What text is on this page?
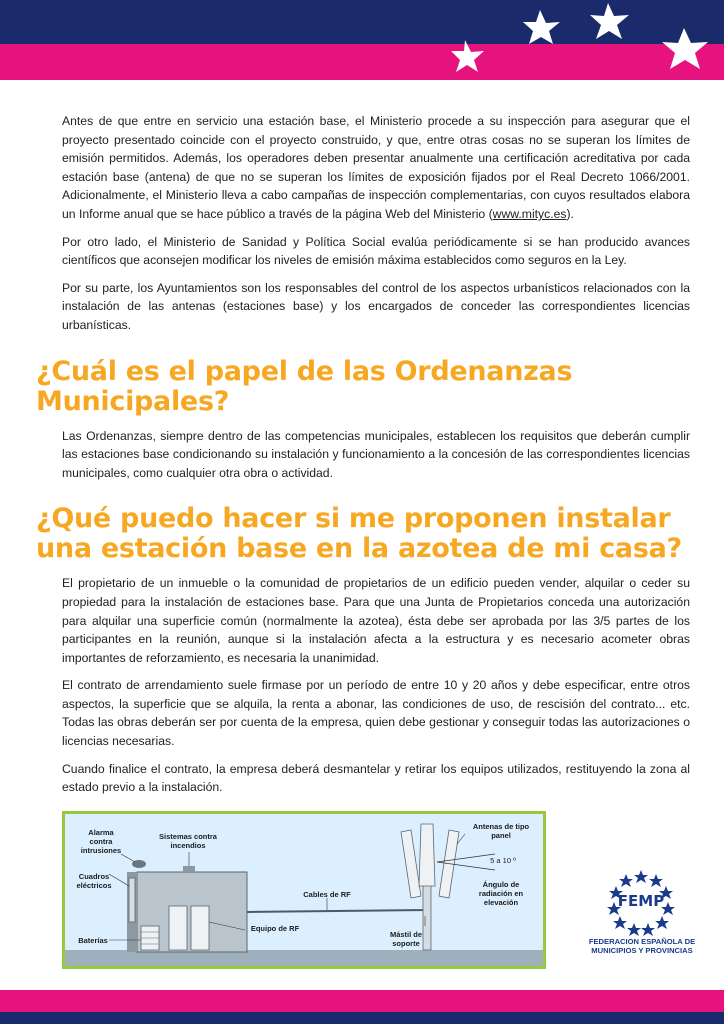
Antes de que entre en servicio una estación base, el Ministerio procede a su inspección para asegurar que el proyecto presentado coincide con el proyecto construido, y que, entre otras cosas no se superan los límites de emisión permitidos. Además, los operadores deben presentar anualmente una certificación acreditativa por cada estación base (antena) de que no se superan los límites de exposición fijados por el Real Decreto 1066/2001. Adicionalmente, el Ministerio lleva a cabo campañas de inspección complementarias, con cuyos resultados elabora un Informe anual que se hace público a través de la página Web del Ministerio (www.mityc.es).

Por otro lado, el Ministerio de Sanidad y Política Social evalúa periódicamente si se han producido avances científicos que aconsejen modificar los niveles de emisión máxima establecidos como seguros en la Ley.

Por su parte, los Ayuntamientos son los responsables del control de los aspectos urbanísticos relacionados con la instalación de las antenas (estaciones base) y los encargados de conceder las correspondientes licencias urbanísticas.

¿Cuál es el papel de las Ordenanzas Municipales?

Las Ordenanzas, siempre dentro de las competencias municipales, establecen los requisitos que deberán cumplir las estaciones base condicionando su instalación y funcionamiento a la concesión de las correspondientes licencias municipales, como cualquier otra obra o actividad.

¿Qué puedo hacer si me proponen instalar una estación base en la azotea de mi casa?

El propietario de un inmueble o la comunidad de propietarios de un edificio pueden vender, alquilar o ceder su propiedad para la instalación de estaciones base. Para que una Junta de Propietarios conceda una autorización para alquilar una superficie común (normalmente la azotea), ésta debe ser aprobada por las 3/5 partes de los participantes en la reunión, aunque si la instalación afecta a la estructura y es necesario acometer obras importantes de reforzamiento, es necesaria la unanimidad.

El contrato de arrendamiento suele firmase por un período de entre 10 y 20 años y debe especificar, entre otros aspectos, la superficie que se alquila, la renta a abonar, las condiciones de uso, de rescisión del contrato... etc. Todas las obras deberán ser por cuenta de la empresa, quien debe gestionar y conseguir todas las autorizaciones o licencias necesarias.

Cuando finalice el contrato, la empresa deberá desmantelar y retirar los equipos utilizados, restituyendo la zona al estado previo a la instalación.

Alarma contra intrusiones
Sistemas contra incendios
Cuadros eléctricos
Baterías
Equipo de RF
Cables de RF
Mástil de soporte
Antenas de tipo panel
5 a 10 º
Ángulo de radiación en elevación	FEMP
FEDERACION ESPAÑOLA DE
MUNICIPIOS Y PROVINCIAS
